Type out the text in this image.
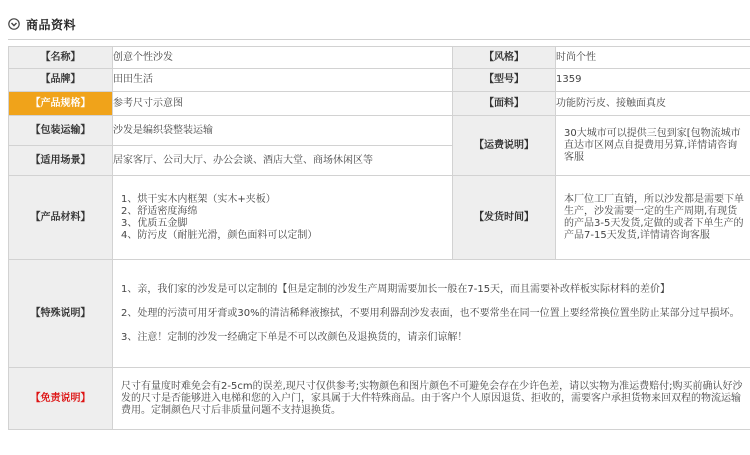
商品资料
【 名称 】	创意个性沙发	【 风格 】	时尚个性
【 品牌 】	田田生活	【 型号 】	1359
【 产品规格 】	参考尺寸示意图	【 面料 】	功能防污皮、接触面真皮
【 包装运输 】	沙发是编织袋整装运输	【 运费说明 】	30大城市可以提供三包到家[包物流城市直达市区网点自提费用另算,详情请咨询客服
【 适用场景 】	居家客厅、公司大厅、办公会谈、酒店大堂、商场休闲区等		
【 产品材料 】	1、烘干实木内框架（实木+夹板）
2、舒适密度海绵
3、优质五金脚
4、防污皮（耐脏光滑，颜色面料可以定制）	【 发货时间 】	本厂位工厂直销，所以沙发都是需要下单生产，沙发需要一定的生产周期,有现货的产品3-5天发货,定做的或者下单生产的产品7-15天发货,详情请咨询客服
【 特殊说明 】	1、亲，我们家的沙发是可以定制的【但是定制的沙发生产周期需要加长一般在7-15天，而且需要补改样板实际材料的差价】
2、处理的污渍可用牙膏或30%的清洁稀释液擦拭，不要用利器刮沙发表面，也不要常坐在同一位置上要经常换位置坐防止某部分过早损坏。
3、注意！定制的沙发一经确定下单是不可以改颜色及退换货的，请亲们谅解！		

【 免责说明 】	尺寸有量度时难免会有2-5cm的误差,现尺寸仅供参考;实物颜色和图片颜色不可避免会存在少许色差，请以实物为准运费赔付;购买前确认好沙发的尺寸是否能够进入电梯和您的入户门，家具属于大件特殊商品。由于客户个人原因退货、拒收的，需要客户承担货物来回双程的物流运输费用。定制颜色尺寸后非质量问题不支持退换货。		
